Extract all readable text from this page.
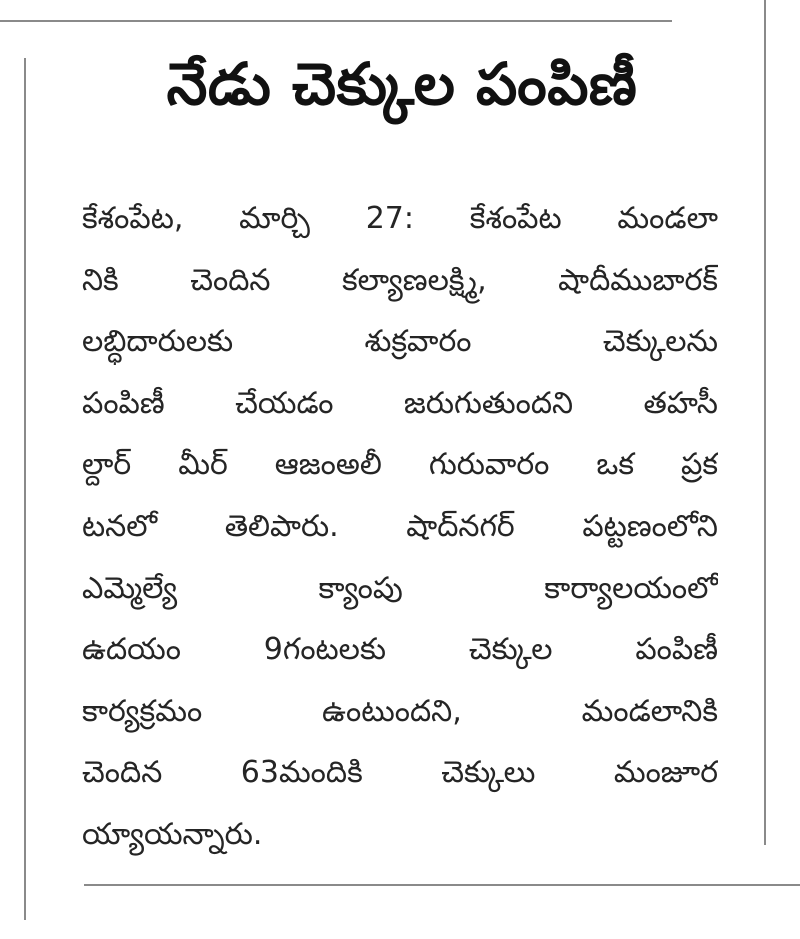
నేడు చెక్కుల పంపిణీ
కేశంపేట, మార్చి 27: కేశంపేట మండలా
నికి చెందిన కల్యాణలక్ష్మి, షాదీముబారక్
లబ్ధిదారులకు శుక్రవారం చెక్కులను
పంపిణీ చేయడం జరుగుతుందని తహసీ
ల్దార్ మీర్ ఆజంఅలీ గురువారం ఒక ప్రక
టనలో తెలిపారు. షాద్‌నగర్ పట్టణంలోని
ఎమ్మెల్యే క్యాంపు కార్యాలయంలో
ఉదయం 9గంటలకు చెక్కుల పంపిణీ
కార్యక్రమం ఉంటుందని, మండలానికి
చెందిన 63మందికి చెక్కులు మంజూర
య్యాయన్నారు.
